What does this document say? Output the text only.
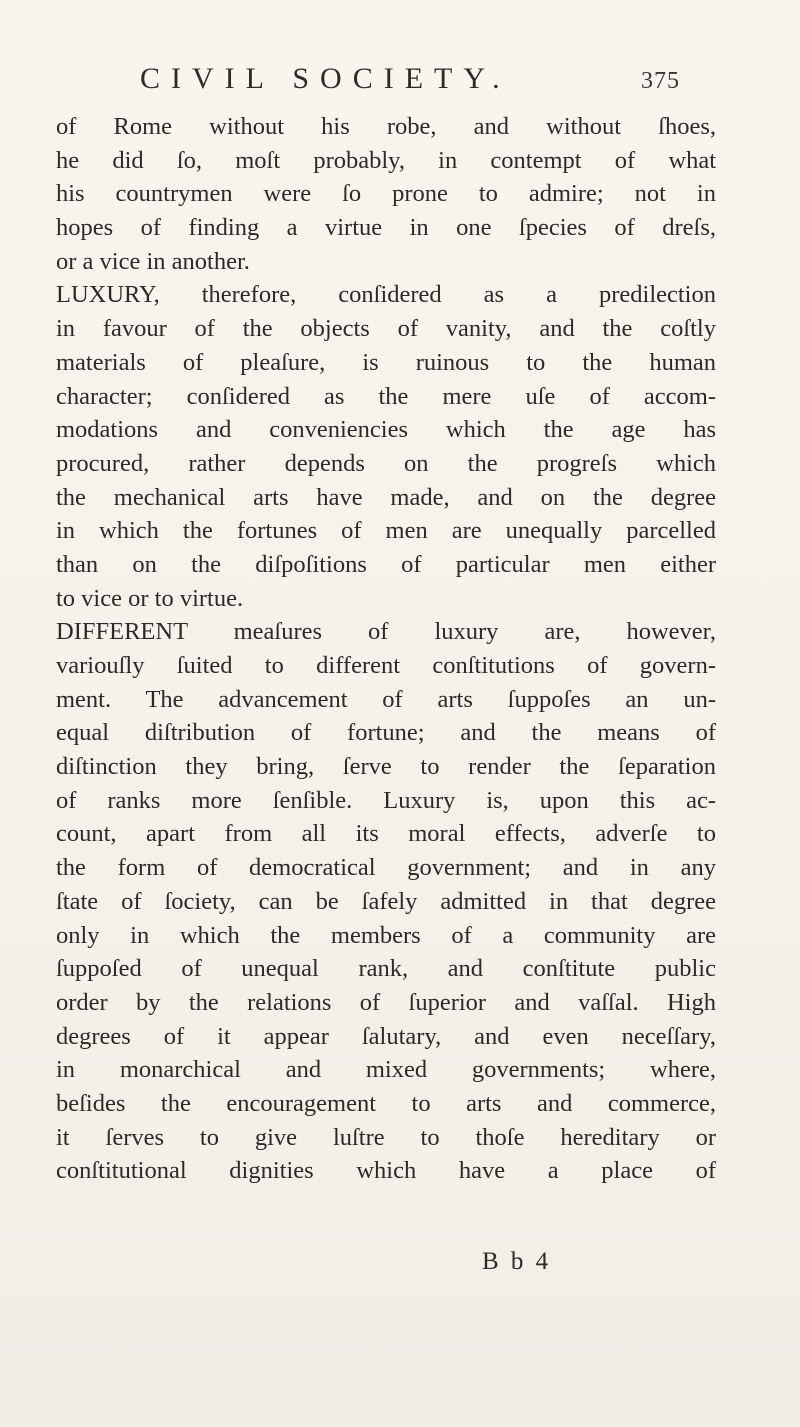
CIVIL SOCIETY.	375
of Rome without his robe, and without ſhoes,
he did ſo, moſt probably, in contempt of what
his countrymen were ſo prone to admire; not in
hopes of finding a virtue in one ſpecies of dreſs,
or a vice in another.
LUXURY, therefore, conſidered as a predilection
in favour of the objects of vanity, and the coſtly
materials of pleaſure, is ruinous to the human
character; conſidered as the mere uſe of accom-
modations and conveniencies which the age has
procured, rather depends on the progreſs which
the mechanical arts have made, and on the degree
in which the fortunes of men are unequally parcelled
than on the diſpoſitions of particular men either
to vice or to virtue.
DIFFERENT meaſures of luxury are, however,
variouſly ſuited to different conſtitutions of govern-
ment. The advancement of arts ſuppoſes an un-
equal diſtribution of fortune; and the means of
diſtinction they bring, ſerve to render the ſeparation
of ranks more ſenſible. Luxury is, upon this ac-
count, apart from all its moral effects, adverſe to
the form of democratical government; and in any
ſtate of ſociety, can be ſafely admitted in that degree
only in which the members of a community are
ſuppoſed of unequal rank, and conſtitute public
order by the relations of ſuperior and vaſſal. High
degrees of it appear ſalutary, and even neceſſary,
in monarchical and mixed governments; where,
beſides the encouragement to arts and commerce,
it ſerves to give luſtre to thoſe hereditary or
conſtitutional dignities which have a place of
B b 4
